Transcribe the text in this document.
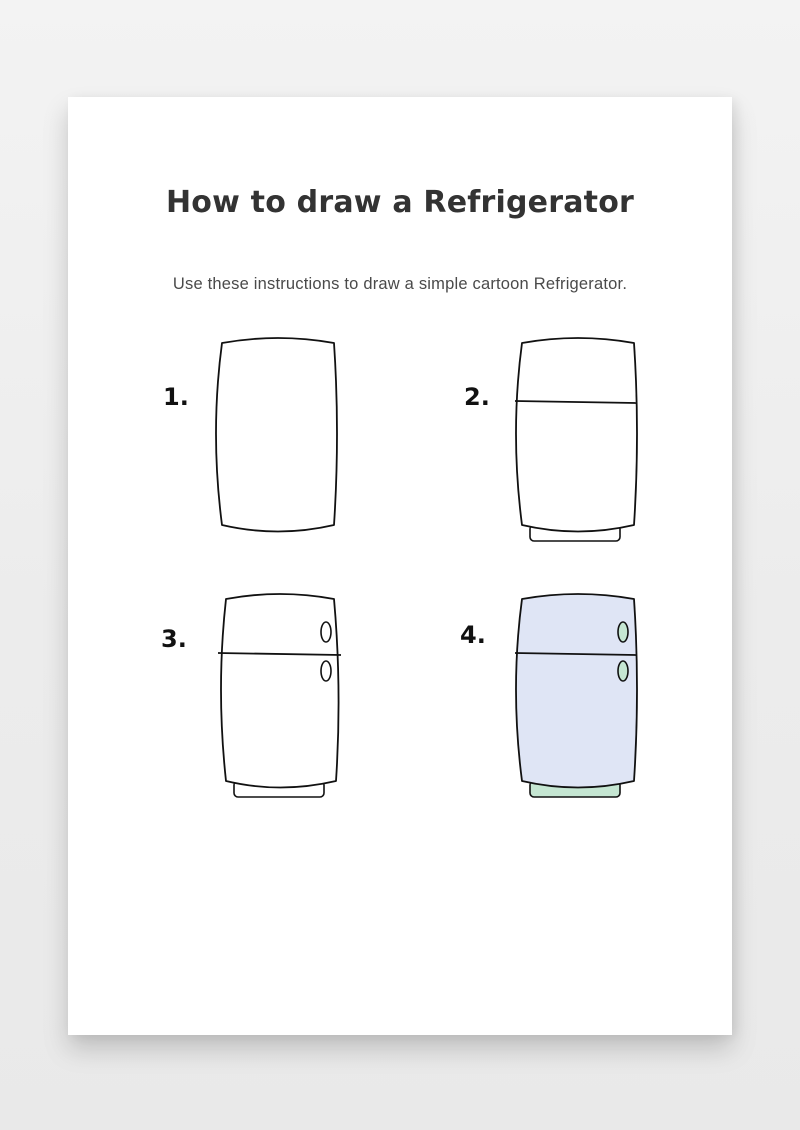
How to draw a Refrigerator
Use these instructions to draw a simple cartoon Refrigerator.
1.	2.
3.	4.
